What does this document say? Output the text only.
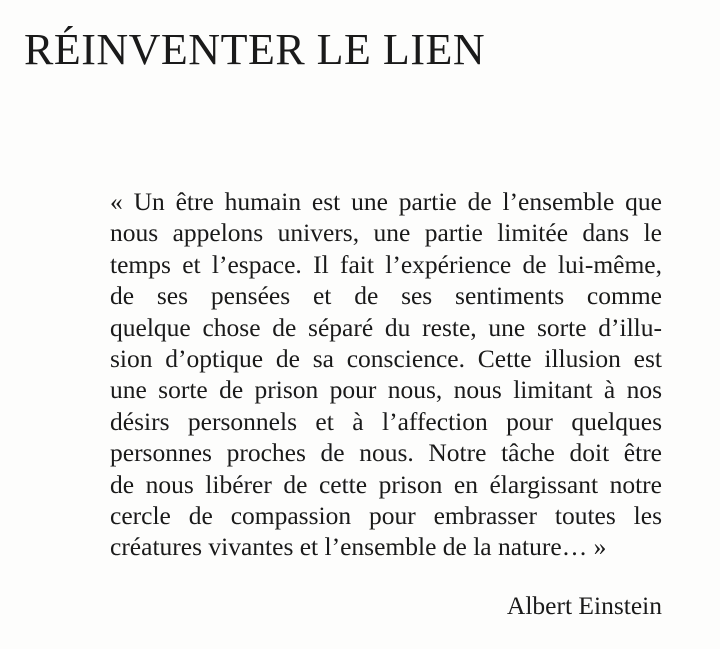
RÉINVENTER LE LIEN
« Un être humain est une partie de l’ensemble que
nous appelons univers, une partie limitée dans le
temps et l’espace. Il fait l’expérience de lui-même,
de ses pensées et de ses sentiments comme
quelque chose de séparé du reste, une sorte d’illu-
sion d’optique de sa conscience. Cette illusion est
une sorte de prison pour nous, nous limitant à nos
désirs personnels et à l’affection pour quelques
personnes proches de nous. Notre tâche doit être
de nous libérer de cette prison en élargissant notre
cercle de compassion pour embrasser toutes les
créatures vivantes et l’ensemble de la nature… »
Albert Einstein
